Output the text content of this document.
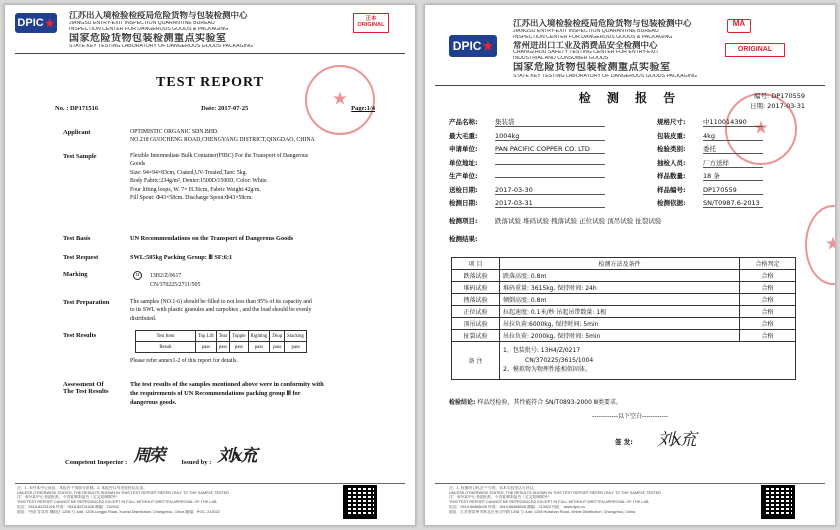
DPIC ★
江苏出入境检验检疫局危险货物与包装检测中心
JIANGSU ENTRY-EXIT INSPECTION QUARANTINE BUREAU
INSPECTION CENTER FOR DANGEROUS GOODS & PACKAGING
国家危险货物包装检测重点实验室
STATE KEY TESTING LABORATORY OF DANGEROUS GOODS PACKAGING
正本
ORIGINAL
★
TEST REPORT
No. : DP171516	Date: 2017-07-25	Page:1/4
Applicant	OPTIMISTIC ORGANIC SDN.BHD.
NO.218 GUOCHENG ROAD,CHENGYANG DISTRICT,QINGDAO, CHINA
Test Sample	Flexible Intermediate Bulk Container(FIBC) For the Transport of Dangerous
Goods
Size: 94×94×83cm, Coated,UV-Treated,Tare: 5kg.
Body Fabric:234g/m², Denier:1500D/1500D, Color: White.
Four lifting loops, W. 7× H.36cm, Fabric Weight:42g/m.
Fill Spout: Φ43×58cm. Discharge Spout:Φ43×58cm.
Test Basis	UN Recommendations on the Transport of Dangerous Goods
Test Request	SWL:505kg Packing Group: Ⅲ SF:6:1
Marking	u 13H2/Z/0617
CN/370225/2711/505
Test Preparation	The samples (NO.1-6) should be filled to not less than 95% of its capacity and
to its SWL with plastic granules and carpolites , and the load should be evenly
distributed.
Test Results	Test Item	Top Lift	Tear	Topple	Righting	Drop	Stacking
Result	pass	pass	pass	pass	pass	pass
Please refer annex1-2 of this report for details.
Assessment Of
The Test Results
The test results of the samples mentioned above were in conformity with
the requirements of UN Recommendations packing group Ⅲ for
dangerous goods.
Competent Inspector : 周荣	Issued by : 刘x㐬
注：1. 未经本中心同意，本报告不得部分复制。2. 本报告仅对送检样品负责。
UNLESS OTHERWISE STATED, THE RESULTS SHOWN IN THIS TEST REPORT REFER ONLY TO THE SAMPLE TESTED
注：未经本中心书面批准，不得复制本报告（全文复制除外）
THIS TEST REPORT CANNOT BE REPRODUCED EXCEPT IN FULL WITHOUT WRITTEN APPROVAL OF THE LAB
电话：0518-82231028 传真：0518-82231028 邮编：222042
地址：中国 青岛市 城阳区 1208 号 Add: 1208 Longjia Road, Xuzhai Distribution, Changzhou, China 邮编：POC: 213022
DPIC ★
江苏出入境检验检疫局危险货物与包装检测中心
JIANGSU ENTRY-EXIT INSPECTION QUARANTINE BUREAU
INSPECTION CENTER FOR DANGEROUS GOODS & PACKAGING
常州进出口工业及消费品安全检测中心
CHANGZHOU SAFETY TESTING CENTER FOR ENTRY-EXIT
INDUSTRIAL AND CONSUMER GOODS
国家危险货物包装检测重点实验室
STATE KEY TESTING LABORATORY OF DANGEROUS GOODS PACKAGING
MA
ORIGINAL
★
★
检 测 报 告	编号: DP170559
日期: 2017-03-31
产品名称:	集装袋
最大毛重:	1004kg
申请单位:	PAN PACIFIC COPPER CO. LTD
单位地址:
生产单位:
送检日期:	2017-03-30
检测日期:	2017-03-31
规格尺寸:	中110014390
包装皮重:	4kg
检验类别:	委托
抽检人员:	厂方送样
样品数量:	18 条
样品编号:	DP170559
检测依据:	SN/T0987.6-2013
检测项目:	跌落试验 堆码试验 拽落试验 正位试验 顶吊试验 扯裂试验
检测结果:
项 目	检测方法及条件	合格判定
跌落试验	跌落高度: 0.8m	合格
堆码试验	堆码重量: 3615kg, 保持时间: 24h	合格
拽落试验	倾倒高度: 0.8m	合格
正位试验	拉起速度: 0.1米/秒 吊起吊带数量: 1根	合格
顶吊试验	吊拉负荷:6000kg, 保持时间: 5min	合格
扯裂试验	吊拉负荷: 2000kg, 保持时间: 5min	合格
备 注	1、包装批号: 13H4/Z/0217
CN/370225/3615/1004
2、模拟物为物理性能相似固体。	
检验结论: 样品经检验，其性能符合 SN/T0893-2000 Ⅲ类要求。
------------以下空白------------
签 发:	刘x㐬
注：1. 检测项目标注"*"号的，非本实验室认可项目。
UNLESS OTHERWISE STATED, THE RESULTS SHOWN IN THIS TEST REPORT REFER ONLY TO THE SAMPLE TESTED
注：未经本中心书面批准，不得复制本报告（全文复制除外）
THIS TEST REPORT CANNOT BE REPRODUCED EXCEPT IN FULL WITHOUT WRITTEN APPROVAL OF THE LAB
电话：0519-86668028 传真：0519-86668028 邮编：213022 网址：www.dpic.cn
地址：江苏省常州市新北区华山中路 1208 号 Add: 1208 Huashan Road, Xinbei Distribution, Changzhou, China
